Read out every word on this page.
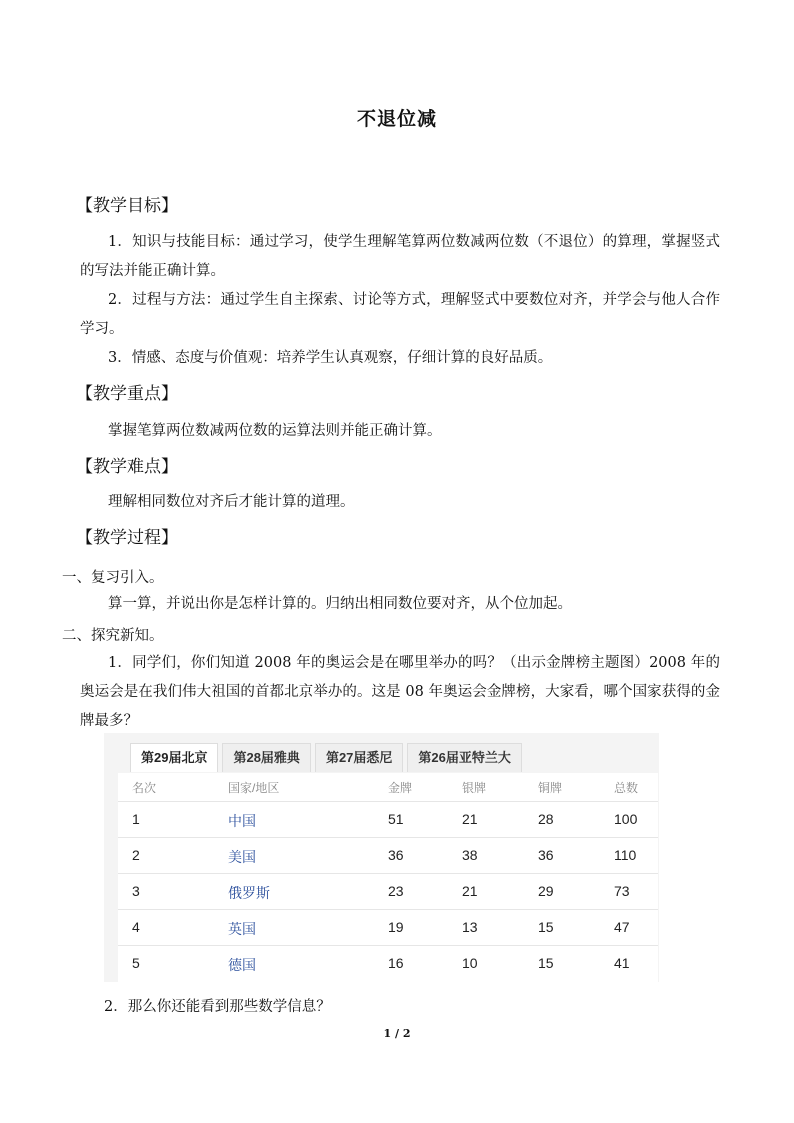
不退位减
【教学目标】
1．知识与技能目标：通过学习，使学生理解笔算两位数减两位数（不退位）的算理，掌握竖式的写法并能正确计算。
2．过程与方法：通过学生自主探索、讨论等方式，理解竖式中要数位对齐，并学会与他人合作学习。
3．情感、态度与价值观：培养学生认真观察，仔细计算的良好品质。
【教学重点】
掌握笔算两位数减两位数的运算法则并能正确计算。
【教学难点】
理解相同数位对齐后才能计算的道理。
【教学过程】
一、复习引入。
算一算，并说出你是怎样计算的。归纳出相同数位要对齐，从个位加起。
二、探究新知。
1．同学们，你们知道 2008 年的奥运会是在哪里举办的吗？（出示金牌榜主题图）2008 年的奥运会是在我们伟大祖国的首都北京举办的。这是 08 年奥运会金牌榜，大家看，哪个国家获得的金牌最多？
第29届北京	第28届雅典	第27届悉尼	第26届亚特兰大
名次	国家/地区	金牌	银牌	铜牌	总数
1	中国	51	21	28	100
2	美国	36	38	36	110
3	俄罗斯	23	21	29	73
4	英国	19	13	15	47
5	德国	16	10	15	41
2．那么你还能看到那些数学信息？
1 / 2
